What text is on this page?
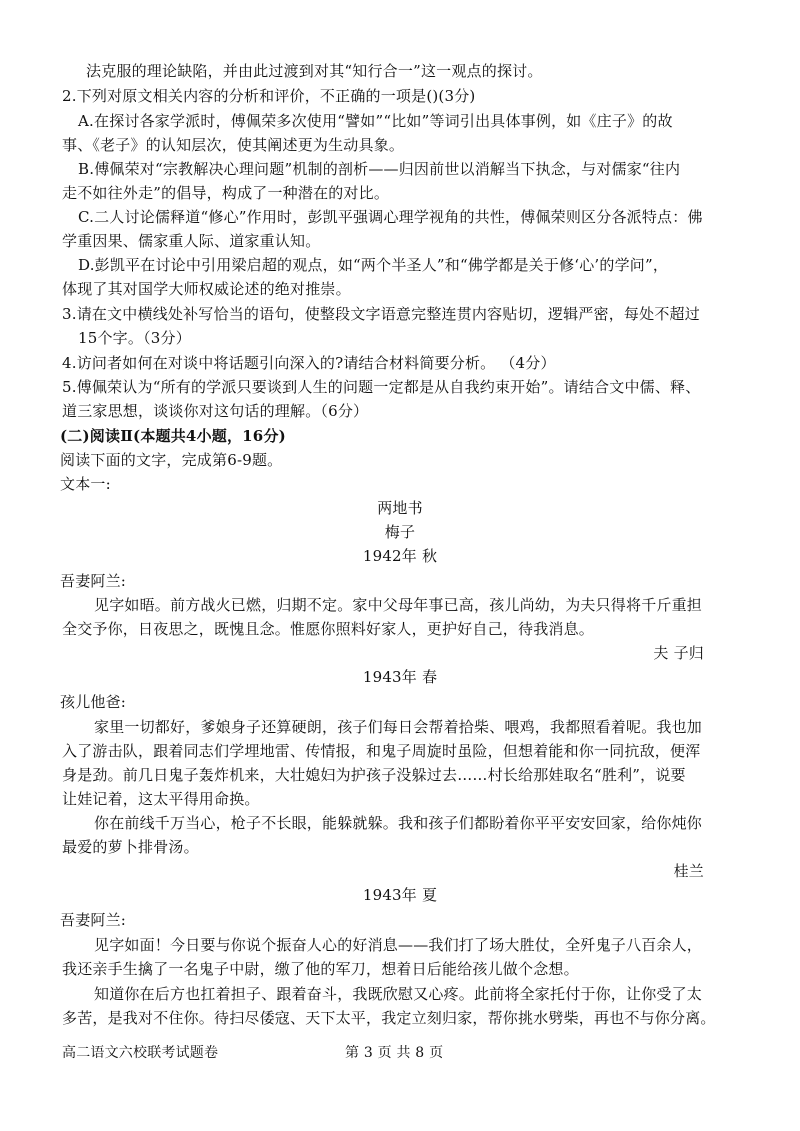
法克服的理论缺陷，并由此过渡到对其“知行合一”这一观点的探讨。
2.下列对原文相关内容的分析和评价，不正确的一项是()(3分)
A.在探讨各家学派时，傅佩荣多次使用“譬如”“比如”等词引出具体事例，如《庄子》的故
事、《老子》的认知层次，使其阐述更为生动具象。
B.傅佩荣对“宗教解决心理问题”机制的剖析——归因前世以消解当下执念，与对儒家“往内
走不如往外走”的倡导，构成了一种潜在的对比。
C.二人讨论儒释道“修心”作用时，彭凯平强调心理学视角的共性，傅佩荣则区分各派特点：佛
学重因果、儒家重人际、道家重认知。
D.彭凯平在讨论中引用梁启超的观点，如“两个半圣人”和“佛学都是关于修‘心’的学问”，
体现了其对国学大师权威论述的绝对推崇。
3.请在文中横线处补写恰当的语句，使整段文字语意完整连贯内容贴切，逻辑严密，每处不超过
15个字。（3分）
4.访问者如何在对谈中将话题引向深入的?请结合材料简要分析。 （4分）
5.傅佩荣认为“所有的学派只要谈到人生的问题一定都是从自我约束开始”。请结合文中儒、释、
道三家思想，谈谈你对这句话的理解。（6分）
(二)阅读Ⅱ(本题共4小题，16分)
阅读下面的文字，完成第6-9题。
文本一:
两地书
梅子
1942年 秋
吾妻阿兰:
见字如晤。前方战火已燃，归期不定。家中父母年事已高，孩儿尚幼，为夫只得将千斤重担
全交予你，日夜思之，既愧且念。惟愿你照料好家人，更护好自己，待我消息。
夫 子归
1943年 春
孩儿他爸:
家里一切都好，爹娘身子还算硬朗，孩子们每日会帮着拾柴、喂鸡，我都照看着呢。我也加
入了游击队，跟着同志们学埋地雷、传情报，和鬼子周旋时虽险，但想着能和你一同抗敌，便浑
身是劲。前几日鬼子轰炸机来，大壮媳妇为护孩子没躲过去……村长给那娃取名“胜利”，说要
让娃记着，这太平得用命换。
你在前线千万当心，枪子不长眼，能躲就躲。我和孩子们都盼着你平平安安回家，给你炖你
最爱的萝卜排骨汤。
桂兰
1943年 夏
吾妻阿兰:
见字如面！今日要与你说个振奋人心的好消息——我们打了场大胜仗，全歼鬼子八百余人，
我还亲手生擒了一名鬼子中尉，缴了他的军刀，想着日后能给孩儿做个念想。
知道你在后方也扛着担子、跟着奋斗，我既欣慰又心疼。此前将全家托付于你，让你受了太
多苦，是我对不住你。待扫尽倭寇、天下太平，我定立刻归家，帮你挑水劈柴，再也不与你分离。
高二语文六校联考试题卷	第 3 页 共 8 页
